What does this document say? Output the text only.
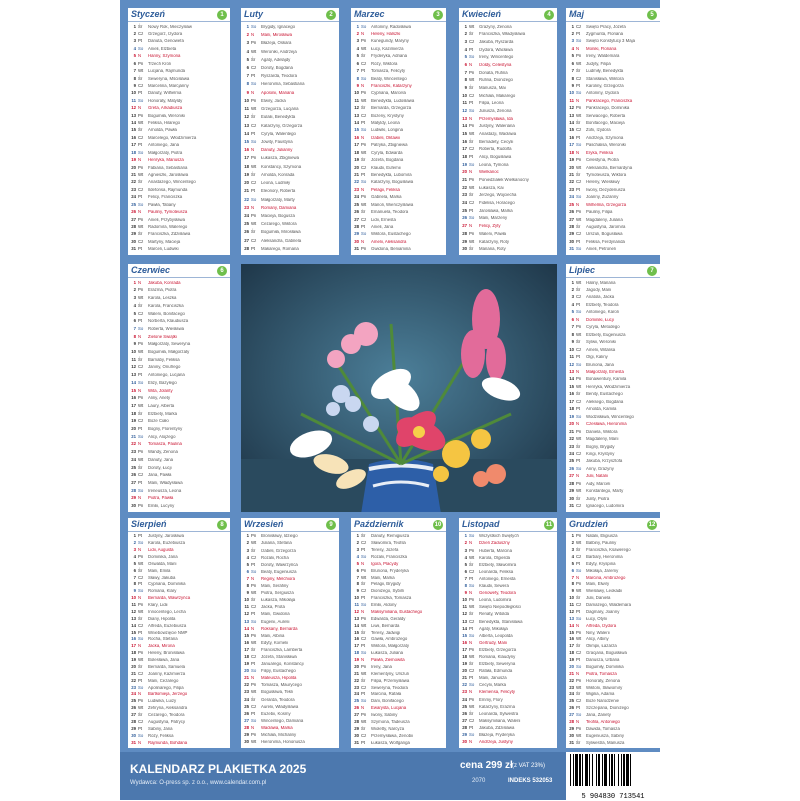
Styczeń	1
1 Śr	Nowy Rok, Mieczysław
2 Cz	Grzegorz, Izydora
3 Pt	Danuta, Genowefa
4 So	Anieli, Elżbieta
5 N	Hanny, Szymona
6 Pn	Trzech Króli
7 Wt	Lucjana, Rajmunda
8 Śr	Seweryna, Mścisława
9 Cz	Marcelina, Marcjanny
10 Pt	Danuty, Wilhelma
11 So	Honoraty, Matyldy
12 N	Greta, Arkadiusza
13 Pn	Bogumiła, Weroniki
14 Wt	Feliksa, Hilarego
15 Śr	Arnolda, Pawła
16 Cz	Marcelego, Włodzimierza
17 Pt	Antoniego, Jana
18 So	Małgorzaty, Piotra
19 N	Henryka, Mariusza
20 Pn	Fabiana, Sebastiana
21 Wt	Agnieszki, Jarosława
22 Śr	Anastazego, Wincentego
23 Cz	Ildefonsa, Rajmunda
24 Pt	Felicji, Franciszka
25 So	Pawła, Tatiany
26 N	Pauliny, Tymoteusza
27 Pn	Anieli, Przybysława
28 Wt	Radomira, Walerego
29 Śr	Franciszka, Zdzisława
30 Cz	Martyny, Macieja
31 Pt	Marceli, Ludwiki
Luty	2
1 So	Brygidy, Ignacego
2 N	Marii, Mirosława
3 Pn	Błażeja, Oskara
4 Wt	Weroniki, Andrzeja
5 Śr	Agaty, Adelajdy
6 Cz	Doroty, Bogdana
7 Pt	Ryszarda, Teodora
8 So	Hieronima, Sebastiana
9 N	Apolonii, Mariana
10 Pn	Elwiry, Jacka
11 Wt	Grzegorza, Lucjana
12 Śr	Eulalii, Benedykta
13 Cz	Katarzyny, Grzegorza
14 Pt	Cyryla, Walentego
15 So	Jowity, Faustyna
16 N	Danuty, Julianny
17 Pn	Łukasza, Zbigniewa
18 Wt	Konstancji, Szymona
19 Śr	Arnolda, Konrada
20 Cz	Leona, Ludmiły
21 Pt	Eleonory, Roberta
22 So	Małgorzaty, Marty
23 N	Romany, Damiana
24 Pn	Macieja, Bogusza
25 Wt	Cezarego, Wiktora
26 Śr	Bogumiła, Mirosława
27 Cz	Aleksandra, Gabriela
28 Pt	Makarego, Romana
Marzec	3
1 So	Antoniny, Radosława
2 N	Heleny, Halszki
3 Pn	Kunegundy, Maryny
4 Wt	Łucji, Kazimierza
5 Śr	Fryderyka, Adriana
6 Cz	Róży, Wiktora
7 Pt	Tomasza, Felicyty
8 So	Beaty, Wincentego
9 N	Franciszki, Katarzyny
10 Pn	Cypriana, Marcela
11 Wt	Benedykta, Ludosława
12 Śr	Bernarda, Grzegorza
13 Cz	Bożeny, Krystyny
14 Pt	Matyldy, Leona
15 So	Ludwiki, Longina
16 N	Izabeli, Oktawii
17 Pn	Patryka, Zbigniewa
18 Wt	Cyryla, Edwarda
19 Śr	Józefa, Bogdana
20 Cz	Klaudii, Eufemii
21 Pt	Benedykta, Lubomira
22 So	Katarzyny, Bogusława
23 N	Pelagii, Feliksa
24 Pn	Gabriela, Marka
25 Wt	Marioli, Wieńczysława
26 Śr	Emanuela, Teodora
27 Cz	Lidii, Ernesta
28 Pt	Anieli, Jana
29 So	Wiktora, Eustachego
30 N	Amelii, Aleksandra
31 Pn	Gwidona, Beniamina
Kwiecień	4
1 Wt	Grażyny, Zenona
2 Śr	Franciszka, Władysława
3 Cz	Jakuba, Ryszarda
4 Pt	Izydora, Wacława
5 So	Ireny, Wincentego
6 N	Izoldy, Celestyna
7 Pn	Donata, Rufina
8 Wt	Rufina, Dionizego
9 Śr	Mariusza, Mai
10 Cz	Michała, Makarego
11 Pt	Filipa, Leona
12 So	Juliusza, Zenona
13 N	Przemysława, Ida
14 Pn	Justyny, Waleriana
15 Wt	Anastazji, Wacława
16 Śr	Bernadety, Cecylii
17 Cz	Roberta, Rudolfa
18 Pt	Alicji, Bogusława
19 So	Leona, Tymona
20 N	Wielkanoc
21 Pn	Poniedziałek Wielkanocny
22 Wt	Łukasza, Kai
23 Śr	Jerzego, Wojciecha
24 Cz	Fidelisa, Horacego
25 Pt	Jarosława, Marka
26 So	Marii, Marzeny
27 N	Felicji, Zyty
28 Pn	Walerii, Pawła
29 Wt	Katarzyny, Roty
30 Śr	Mariana, Roty
Maj	5
1 Cz	Święto Pracy, Józefa
2 Pt	Zygmunta, Floriana
3 So	Święto Konstytucji 3 Maja
4 N	Moniki, Floriana
5 Pn	Ireny, Waldemara
6 Wt	Judyty, Filipa
7 Śr	Ludmiły, Benedykta
8 Cz	Stanisława, Wiktora
9 Pt	Karoliny, Grzegorza
10 So	Antoniny, Izydora
11 N	Pankracego, Franciszka
12 Pn	Pankracego, Dominika
13 Wt	Serwacego, Roberta
14 Śr	Bonifacego, Macieja
15 Cz	Zofii, Izydora
16 Pt	Andrzeja, Szymona
17 So	Paschalisa, Weroniki
18 N	Eryka, Feliksa
19 Pn	Celestyna, Piotra
20 Wt	Aleksandra, Bernardyna
21 Śr	Tymoteusza, Wiktora
22 Cz	Heleny, Wiesławy
23 Pt	Iwony, Dezyderiusza
24 So	Joanny, Zuzanny
25 N	Wilhelma, Grzegorza
26 Pn	Pauliny, Filipa
27 Wt	Magdaleny, Juliana
28 Śr	Augustyna, Jaromira
29 Cz	Urszuli, Bogusława
30 Pt	Feliksa, Ferdynanda
31 So	Anieli, Petroneli
Czerwiec	6
1 N	Jakuba, Konrada
2 Pn	Erazma, Piotra
3 Wt	Karola, Leszka
4 Śr	Karola, Franciszka
5 Cz	Walerii, Bonifacego
6 Pt	Norberta, Klaudiusza
7 So	Roberta, Wiesława
8 N	Zielone Świątki
9 Pn	Małgorzaty, Seweryna
10 Wt	Bogumiła, Małgorzaty
11 Śr	Barnaby, Feliksa
12 Cz	Janiny, Onufrego
13 Pt	Antoniego, Lucjana
14 So	Elizy, Bazylego
15 N	Wita, Jolanty
16 Pn	Aliny, Anety
17 Wt	Laury, Alberta
18 Śr	Elżbiety, Marka
19 Cz	Boże Ciało
20 Pt	Bogny, Florentyny
21 So	Alicji, Alojzego
22 N	Tomasza, Paulina
23 Pn	Wandy, Zenona
24 Wt	Danuty, Jana
25 Śr	Doroty, Łucji
26 Cz	Jana, Pawła
27 Pt	Marii, Władysława
28 So	Ireneusza, Leona
29 N	Piotra, Pawła
30 Pn	Emilii, Lucyny
Lipiec	7
1 Wt	Haliny, Mariana
2 Śr	Jagody, Marii
3 Cz	Anatola, Jacka
4 Pt	Elżbiety, Teodora
5 So	Antoniego, Karoli
6 N	Dominiki, Łucji
7 Pn	Cyryla, Metodego
8 Wt	Elżbiety, Eugeniusza
9 Śr	Sylwii, Weroniki
10 Cz	Amelii, Witalisa
11 Pt	Olgi, Kaliny
12 So	Brunona, Jana
13 N	Małgorzaty, Ernesta
14 Pn	Bonawentury, Kamila
15 Wt	Henryka, Włodzimierza
16 Śr	Benity, Eustachego
17 Cz	Aleksego, Bogdana
18 Pt	Arnolda, Kamila
19 So	Wodzisława, Wincentego
20 N	Czesława, Hieronima
21 Pn	Daniela, Wiktora
22 Wt	Magdaleny, Marii
23 Śr	Bogny, Brygidy
24 Cz	Kingi, Krystyny
25 Pt	Jakuba, Krzysztofa
26 So	Anny, Grażyny
27 N	Julii, Natalii
28 Pn	Aidy, Marceli
29 Wt	Konstantego, Marty
30 Śr	Julity, Piotra
31 Cz	Ignacego, Ludomira
Sierpień	8
1 Pt	Justyny, Jarosława
2 So	Karola, Euzebiusza
3 N	Lidii, Augusta
4 Pn	Dominika, Jana
5 Wt	Oswalda, Marii
6 Śr	Marii, Emila
7 Cz	Sławy, Jakuba
8 Pt	Cypriana, Dominika
9 So	Romana, Klary
10 N	Bernarda, Wawrzyńca
11 Pn	Klary, Lidii
12 Wt	Innocentego, Lecha
13 Śr	Diany, Hipolita
14 Cz	Alfreda, Euzebiusza
15 Pt	Wniebowzięcie NMP
16 So	Rocha, Stefana
17 N	Jacka, Mirona
18 Pn	Heleny, Bronisława
19 Wt	Bolesława, Jana
20 Śr	Bernarda, Samuela
21 Cz	Joanny, Kazimierza
22 Pt	Marii, Cezarego
23 So	Apolinarego, Filipa
24 N	Bartłomieja, Jerzego
25 Pn	Ludwika, Luizy
26 Wt	Zefiryna, Aleksandra
27 Śr	Cezarego, Teodora
28 Cz	Augustyna, Patrycji
29 Pt	Sabiny, Jana
30 So	Róży, Feliksa
31 N	Rajmunda, Bohdana
Wrzesień	9
1 Pn	Bronisławy, Idziego
2 Wt	Juliana, Stefana
3 Śr	Izabeli, Grzegorza
4 Cz	Rozalii, Rocha
5 Pt	Doroty, Wawrzyńca
6 So	Beaty, Eugeniusza
7 N	Reginy, Melchiora
8 Pn	Marii, Serafiny
9 Wt	Piotra, Sergiusza
10 Śr	Łukasza, Mikołaja
11 Cz	Jacka, Prota
12 Pt	Marii, Gwidona
13 So	Eugenii, Aurelii
14 N	Roksany, Bernarda
15 Pn	Marii, Albina
16 Wt	Edyty, Kornelii
17 Śr	Franciszka, Lamberta
18 Cz	Józefa, Stanisława
19 Pt	Januarego, Konstancji
20 So	Filipy, Eustachego
21 N	Mateusza, Hipolita
22 Pn	Tomasza, Maurycego
23 Wt	Bogusława, Tekli
24 Śr	Gerarda, Teodora
25 Cz	Aurelii, Władysława
26 Pt	Euzebii, Kosmy
27 So	Wincentego, Damiana
28 N	Wacława, Marka
29 Pn	Michała, Michaliny
30 Wt	Hieronima, Honoriusza
Październik	10
1 Śr	Danuty, Remigiusza
2 Cz	Sławomira, Teofila
3 Pt	Teresy, Józefa
4 So	Rozalii, Franciszka
5 N	Igora, Placydy
6 Pn	Brunona, Fryderyka
7 Wt	Marii, Marka
8 Śr	Pelagii, Brygidy
9 Cz	Dionizego, Sybilli
10 Pt	Franciszka, Tomasza
11 So	Emilii, Aldony
12 N	Maksymiliana, Eustachego
13 Pn	Edwarda, Geraldy
14 Wt	Liwii, Bernarda
15 Śr	Teresy, Jadwigi
16 Cz	Gawła, Ambrożego
17 Pt	Wiktora, Małgorzaty
18 So	Łukasza, Juliana
19 N	Pawła, Ziemowita
20 Pn	Ireny, Jana
21 Wt	Klementyny, Urszuli
22 Śr	Filipa, Przemysława
23 Cz	Seweryna, Teodora
24 Pt	Marcina, Rafała
25 So	Darii, Bonifacego
26 N	Ewarysta, Lucjana
27 Pn	Iwony, Sabiny
28 Wt	Szymona, Tadeusza
29 Śr	Wioletty, Narcyza
30 Cz	Przemysława, Zenobii
31 Pt	Łukasza, Wolfganga
Listopad	11
1 So	Wszystkich Świętych
2 N	Dzień Zaduszny
3 Pn	Huberta, Marcina
4 Wt	Karola, Olgierda
5 Śr	Elżbiety, Sławomira
6 Cz	Leonarda, Feliksa
7 Pt	Antoniego, Ernesta
8 So	Klaudii, Sewera
9 N	Genowefy, Teodora
10 Pn	Leona, Ludomira
11 Wt	Święto Niepodległości
12 Śr	Renaty, Witolda
13 Cz	Benedykta, Stanisława
14 Pt	Agaty, Mikołaja
15 So	Alberta, Leopolda
16 N	Gertrudy, Marii
17 Pn	Elżbiety, Grzegorza
18 Wt	Romana, Klaudyny
19 Śr	Elżbiety, Seweryna
20 Cz	Rafała, Edmunda
21 Pt	Marii, Janusza
22 So	Cecylii, Marka
23 N	Klemensa, Felicyty
24 Pn	Emmy, Flory
25 Wt	Katarzyny, Erazma
26 Śr	Leonarda, Sylwestra
27 Cz	Maksymiliana, Walerii
28 Pt	Jakuba, Zdzisława
29 So	Błażeja, Fryderyka
30 N	Andrzeja, Justyny
Grudzień	12
1 Pn	Natalii, Eligiusza
2 Wt	Balbiny, Pauliny
3 Śr	Franciszka, Ksawerego
4 Cz	Barbary, Hieronima
5 Pt	Edyty, Kryspina
6 So	Mikołaja, Jaremy
7 N	Marcina, Ambrożego
8 Pn	Marii, Elwiry
9 Wt	Wiesławy, Leokadii
10 Śr	Julii, Daniela
11 Cz	Damazego, Waldemara
12 Pt	Dagmary, Joanny
13 So	Łucji, Otylii
14 N	Alfreda, Izydora
15 Pn	Niny, Walerii
16 Wt	Alicji, Albiny
17 Śr	Olimpii, Łazarza
18 Cz	Gracjana, Bogusława
19 Pt	Dariusza, Urbana
20 So	Bogumiły, Dominika
21 N	Piotra, Tomasza
22 Pn	Honoraty, Zenona
23 Wt	Wiktorii, Sławomiry
24 Śr	Wigilia, Adama
25 Cz	Boże Narodzenie
26 Pt	Szczepana, Dionizego
27 So	Jana, Żanety
28 N	Teofila, Antoniego
29 Pn	Dawida, Tomasza
30 Wt	Eugeniusza, Sabiny
31 Śr	Sylwestra, Mariusza
KALENDARZ PLAKIETKA 2025
Wydawca: O-press sp. z o.o., www.calendar.com.pl
cena 299 zł (z VAT 23%)
2070	INDEKS 532053
5 904830 713541
